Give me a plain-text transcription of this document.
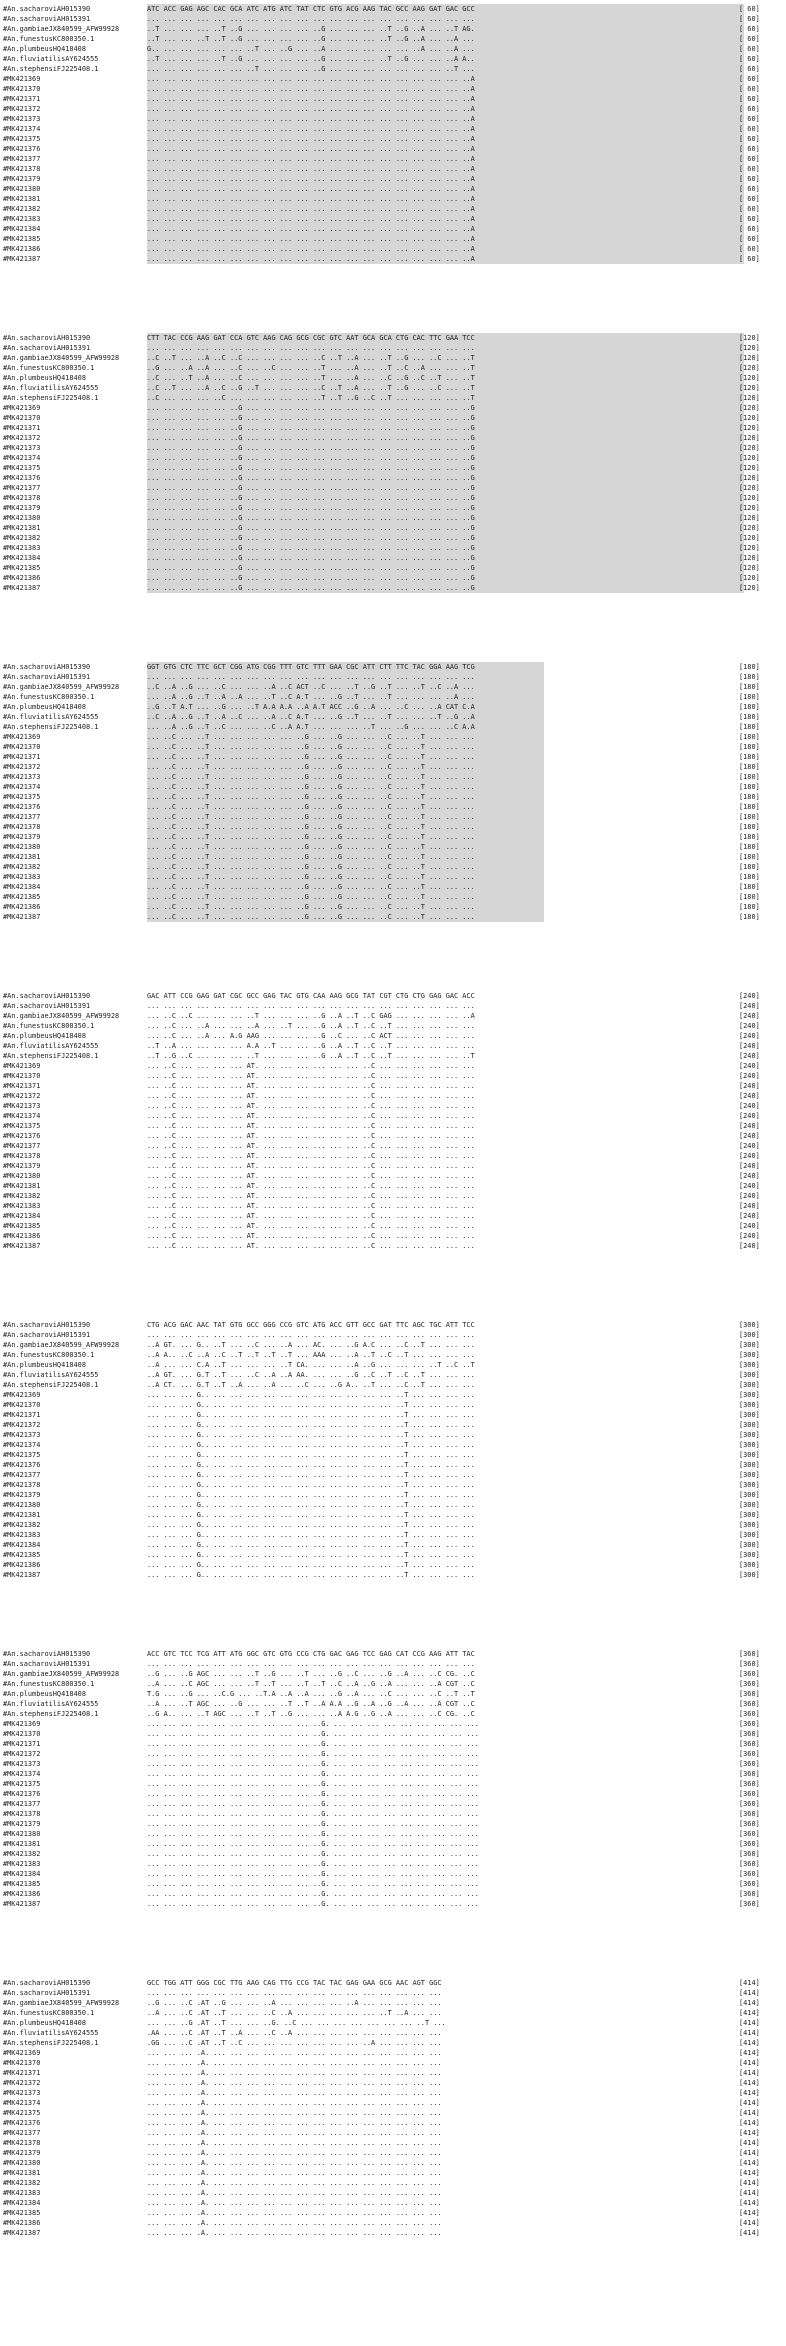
#An.sacharoviAH015390	ATC ACC GAG AGC CAC GCA ATC ATG ATC TAT CTC GTG ACG AAG TAC GCC AAG GAT GAC GCC	[ 60]
#An.sacharoviAH015391	... ... ... ... ... ... ... ... ... ... ... ... ... ... ... ... ... ... ... ...	[ 60]
#An.gambiaeJX840599_AFW99928	..T ... ... ... ..T ..G ... ... ... ... ..G ... ... ... ..T ..G ..A ... ..T AG.	[ 60]
#An.funestusKC800350.1	..T ... ... ..T ..T ..G ... ... ... ... ..G ... ... ... ..T ..G ..A ... ..A ...	[ 60]
#An.plumbeusHQ418408	G.. ... ... ... ... ... ..T ... ..G ... ..A ... ... ... ... ... ..A ... ..A ...	[ 60]
#An.fluviatilisAY624555	..T ... ... ... ..T ..G ... ... ... ... ..G ... ... ... ..T ..G ... ... ..A A..	[ 60]
#An.stephensiFJ225408.1	... ... ... ... ... ... ..T ... ... ... ..G ... ... ... ... ... ... ... ..T ...	[ 60]
#MK421369	... ... ... ... ... ... ... ... ... ... ... ... ... ... ... ... ... ... ... ..A	[ 60]
#MK421370	... ... ... ... ... ... ... ... ... ... ... ... ... ... ... ... ... ... ... ..A	[ 60]
#MK421371	... ... ... ... ... ... ... ... ... ... ... ... ... ... ... ... ... ... ... ..A	[ 60]
#MK421372	... ... ... ... ... ... ... ... ... ... ... ... ... ... ... ... ... ... ... ..A	[ 60]
#MK421373	... ... ... ... ... ... ... ... ... ... ... ... ... ... ... ... ... ... ... ..A	[ 60]
#MK421374	... ... ... ... ... ... ... ... ... ... ... ... ... ... ... ... ... ... ... ..A	[ 60]
#MK421375	... ... ... ... ... ... ... ... ... ... ... ... ... ... ... ... ... ... ... ..A	[ 60]
#MK421376	... ... ... ... ... ... ... ... ... ... ... ... ... ... ... ... ... ... ... ..A	[ 60]
#MK421377	... ... ... ... ... ... ... ... ... ... ... ... ... ... ... ... ... ... ... ..A	[ 60]
#MK421378	... ... ... ... ... ... ... ... ... ... ... ... ... ... ... ... ... ... ... ..A	[ 60]
#MK421379	... ... ... ... ... ... ... ... ... ... ... ... ... ... ... ... ... ... ... ..A	[ 60]
#MK421380	... ... ... ... ... ... ... ... ... ... ... ... ... ... ... ... ... ... ... ..A	[ 60]
#MK421381	... ... ... ... ... ... ... ... ... ... ... ... ... ... ... ... ... ... ... ..A	[ 60]
#MK421382	... ... ... ... ... ... ... ... ... ... ... ... ... ... ... ... ... ... ... ..A	[ 60]
#MK421383	... ... ... ... ... ... ... ... ... ... ... ... ... ... ... ... ... ... ... ..A	[ 60]
#MK421384	... ... ... ... ... ... ... ... ... ... ... ... ... ... ... ... ... ... ... ..A	[ 60]
#MK421385	... ... ... ... ... ... ... ... ... ... ... ... ... ... ... ... ... ... ... ..A	[ 60]
#MK421386	... ... ... ... ... ... ... ... ... ... ... ... ... ... ... ... ... ... ... ..A	[ 60]
#MK421387	... ... ... ... ... ... ... ... ... ... ... ... ... ... ... ... ... ... ... ..A	[ 60]
#An.sacharoviAH015390	CTT TAC CCG AAG GAT CCA GTC AAG CAG GCG CGC GTC AAT GCA GCA CTG CAC TTC GAA TCC	[120]
#An.sacharoviAH015391	... ... ... ... ... ... ... ... ... ... ... ... ... ... ... ... ... ... ... ...	[120]
#An.gambiaeJX840599_AFW99928	..C ..T ... ..A ..C ..C ... ... ... ... ..C ..T ..A ... ..T ..G ... ..C ... ..T	[120]
#An.funestusKC800350.1	..G ... ..A ..A ... ..C ... ..C ... ... ..T ... ..A ... ..T ..C ..A ... ... ..T	[120]
#An.plumbeusHQ418408	..C ... ..T ..A ... ..C ... ... ... ... ..T ... ..A ... ..C ..G ..C ..T ... ..T	[120]
#An.fluviatilisAY624555	..C ..T ... ..A ..C ..G ..T ... ... ... ..C ..T ..A ... ..T ..G ... ..C ... ..T	[120]
#An.stephensiFJ225408.1	..C ... ... ... ..C ... ... ... ... ... ..T ..T ..G ..C ..T ... ... ... ... ..T	[120]
#MK421369	... ... ... ... ... ..G ... ... ... ... ... ... ... ... ... ... ... ... ... ..G	[120]
#MK421370	... ... ... ... ... ..G ... ... ... ... ... ... ... ... ... ... ... ... ... ..G	[120]
#MK421371	... ... ... ... ... ..G ... ... ... ... ... ... ... ... ... ... ... ... ... ..G	[120]
#MK421372	... ... ... ... ... ..G ... ... ... ... ... ... ... ... ... ... ... ... ... ..G	[120]
#MK421373	... ... ... ... ... ..G ... ... ... ... ... ... ... ... ... ... ... ... ... ..G	[120]
#MK421374	... ... ... ... ... ..G ... ... ... ... ... ... ... ... ... ... ... ... ... ..G	[120]
#MK421375	... ... ... ... ... ..G ... ... ... ... ... ... ... ... ... ... ... ... ... ..G	[120]
#MK421376	... ... ... ... ... ..G ... ... ... ... ... ... ... ... ... ... ... ... ... ..G	[120]
#MK421377	... ... ... ... ... ..G ... ... ... ... ... ... ... ... ... ... ... ... ... ..G	[120]
#MK421378	... ... ... ... ... ..G ... ... ... ... ... ... ... ... ... ... ... ... ... ..G	[120]
#MK421379	... ... ... ... ... ..G ... ... ... ... ... ... ... ... ... ... ... ... ... ..G	[120]
#MK421380	... ... ... ... ... ..G ... ... ... ... ... ... ... ... ... ... ... ... ... ..G	[120]
#MK421381	... ... ... ... ... ..G ... ... ... ... ... ... ... ... ... ... ... ... ... ..G	[120]
#MK421382	... ... ... ... ... ..G ... ... ... ... ... ... ... ... ... ... ... ... ... ..G	[120]
#MK421383	... ... ... ... ... ..G ... ... ... ... ... ... ... ... ... ... ... ... ... ..G	[120]
#MK421384	... ... ... ... ... ..G ... ... ... ... ... ... ... ... ... ... ... ... ... ..G	[120]
#MK421385	... ... ... ... ... ..G ... ... ... ... ... ... ... ... ... ... ... ... ... ..G	[120]
#MK421386	... ... ... ... ... ..G ... ... ... ... ... ... ... ... ... ... ... ... ... ..G	[120]
#MK421387	... ... ... ... ... ..G ... ... ... ... ... ... ... ... ... ... ... ... ... ..G	[120]
#An.sacharoviAH015390	GGT GTG CTC TTC GCT CGG ATG CGG TTT GTC TTT GAA CGC ATT CTT TTC TAC GGA AAG TCG	[180]
#An.sacharoviAH015391	... ... ... ... ... ... ... ... ... ... ... ... ... ... ... ... ... ... ... ...	[180]
#An.gambiaeJX840599_AFW99928	..C ..A ..G ... ..C ... ... ..A ..C ACT ..C ... ..T ..G ..T ... ..T ..C ..A ...	[180]
#An.funestusKC800350.1	... ..A ..G ..T ..A ..A ... ..T ..C A.T ... ..G ..T ... ..T ... ... ... ..A ...	[180]
#An.plumbeusHQ418408	..G ..T A.T ... ..G ... ..T A.A A.A ..A A.T ACC ..G ..A ... ..C ... ..A CAT C.A	[180]
#An.fluviatilisAY624555	..C ..A ..G ..T ..A ..C ... ..A ..C A.T ... ..G ..T ... ..T ... ... ..T ..G ..A	[180]
#An.stephensiFJ225408.1	... ..A ..G ..T ..C ... ... ..C ..A A.T ... ... ... ..T ... ..G ... ... ..C A.A	[180]
#MK421369	... ..C ... ..T ... ... ... ... ... ..G ... ..G ... ... ..C ... ..T ... ... ...	[180]
#MK421370	... ..C ... ..T ... ... ... ... ... ..G ... ..G ... ... ..C ... ..T ... ... ...	[180]
#MK421371	... ..C ... ..T ... ... ... ... ... ..G ... ..G ... ... ..C ... ..T ... ... ...	[180]
#MK421372	... ..C ... ..T ... ... ... ... ... ..G ... ..G ... ... ..C ... ..T ... ... ...	[180]
#MK421373	... ..C ... ..T ... ... ... ... ... ..G ... ..G ... ... ..C ... ..T ... ... ...	[180]
#MK421374	... ..C ... ..T ... ... ... ... ... ..G ... ..G ... ... ..C ... ..T ... ... ...	[180]
#MK421375	... ..C ... ..T ... ... ... ... ... ..G ... ..G ... ... ..C ... ..T ... ... ...	[180]
#MK421376	... ..C ... ..T ... ... ... ... ... ..G ... ..G ... ... ..C ... ..T ... ... ...	[180]
#MK421377	... ..C ... ..T ... ... ... ... ... ..G ... ..G ... ... ..C ... ..T ... ... ...	[180]
#MK421378	... ..C ... ..T ... ... ... ... ... ..G ... ..G ... ... ..C ... ..T ... ... ...	[180]
#MK421379	... ..C ... ..T ... ... ... ... ... ..G ... ..G ... ... ..C ... ..T ... ... ...	[180]
#MK421380	... ..C ... ..T ... ... ... ... ... ..G ... ..G ... ... ..C ... ..T ... ... ...	[180]
#MK421381	... ..C ... ..T ... ... ... ... ... ..G ... ..G ... ... ..C ... ..T ... ... ...	[180]
#MK421382	... ..C ... ..T ... ... ... ... ... ..G ... ..G ... ... ..C ... ..T ... ... ...	[180]
#MK421383	... ..C ... ..T ... ... ... ... ... ..G ... ..G ... ... ..C ... ..T ... ... ...	[180]
#MK421384	... ..C ... ..T ... ... ... ... ... ..G ... ..G ... ... ..C ... ..T ... ... ...	[180]
#MK421385	... ..C ... ..T ... ... ... ... ... ..G ... ..G ... ... ..C ... ..T ... ... ...	[180]
#MK421386	... ..C ... ..T ... ... ... ... ... ..G ... ..G ... ... ..C ... ..T ... ... ...	[180]
#MK421387	... ..C ... ..T ... ... ... ... ... ..G ... ..G ... ... ..C ... ..T ... ... ...	[180]
#An.sacharoviAH015390	GAC ATT CCG GAG GAT CGC GCC GAG TAC GTG CAA AAG GCG TAT CGT CTG CTG GAG GAC ACC	[240]
#An.sacharoviAH015391	... ... ... ... ... ... ... ... ... ... ... ... ... ... ... ... ... ... ... ...	[240]
#An.gambiaeJX840599_AFW99928	... ..C ..C ... ... ... ..T ... ... ... ..G ..A ..T ..C GAG ... ... ... ... ..A	[240]
#An.funestusKC800350.1	... ..C ... ..A ... ... ..A ... ..T ... ..G ..A ..T ..C ..T ... ... ... ... ...	[240]
#An.plumbeusHQ418408	... ..C ... ..A ... A.G AAG ... ... ... ..G ..C ... ..C ACT ... ... ... ... ...	[240]
#An.fluviatilisAY624555	..T ..A ... ... ... ... A.A ..T ... ... ..G ..A ..T ..C ..T ... ... ... ... ...	[240]
#An.stephensiFJ225408.1	..T ..G ..C ... ... ... ..T ... ... ... ..G ..A ..T ..C ..T ... ... ... ... ..T	[240]
#MK421369	... ..C ... ... ... ... AT. ... ... ... ... ... ... ..C ... ... ... ... ... ...	[240]
#MK421370	... ..C ... ... ... ... AT. ... ... ... ... ... ... ..C ... ... ... ... ... ...	[240]
#MK421371	... ..C ... ... ... ... AT. ... ... ... ... ... ... ..C ... ... ... ... ... ...	[240]
#MK421372	... ..C ... ... ... ... AT. ... ... ... ... ... ... ..C ... ... ... ... ... ...	[240]
#MK421373	... ..C ... ... ... ... AT. ... ... ... ... ... ... ..C ... ... ... ... ... ...	[240]
#MK421374	... ..C ... ... ... ... AT. ... ... ... ... ... ... ..C ... ... ... ... ... ...	[240]
#MK421375	... ..C ... ... ... ... AT. ... ... ... ... ... ... ..C ... ... ... ... ... ...	[240]
#MK421376	... ..C ... ... ... ... AT. ... ... ... ... ... ... ..C ... ... ... ... ... ...	[240]
#MK421377	... ..C ... ... ... ... AT. ... ... ... ... ... ... ..C ... ... ... ... ... ...	[240]
#MK421378	... ..C ... ... ... ... AT. ... ... ... ... ... ... ..C ... ... ... ... ... ...	[240]
#MK421379	... ..C ... ... ... ... AT. ... ... ... ... ... ... ..C ... ... ... ... ... ...	[240]
#MK421380	... ..C ... ... ... ... AT. ... ... ... ... ... ... ..C ... ... ... ... ... ...	[240]
#MK421381	... ..C ... ... ... ... AT. ... ... ... ... ... ... ..C ... ... ... ... ... ...	[240]
#MK421382	... ..C ... ... ... ... AT. ... ... ... ... ... ... ..C ... ... ... ... ... ...	[240]
#MK421383	... ..C ... ... ... ... AT. ... ... ... ... ... ... ..C ... ... ... ... ... ...	[240]
#MK421384	... ..C ... ... ... ... AT. ... ... ... ... ... ... ..C ... ... ... ... ... ...	[240]
#MK421385	... ..C ... ... ... ... AT. ... ... ... ... ... ... ..C ... ... ... ... ... ...	[240]
#MK421386	... ..C ... ... ... ... AT. ... ... ... ... ... ... ..C ... ... ... ... ... ...	[240]
#MK421387	... ..C ... ... ... ... AT. ... ... ... ... ... ... ..C ... ... ... ... ... ...	[240]
#An.sacharoviAH015390	CTG ACG GAC AAC TAT GTG GCC GGG CCG GTC ATG ACC GTT GCC GAT TTC AGC TGC ATT TCC	[300]
#An.sacharoviAH015391	... ... ... ... ... ... ... ... ... ... ... ... ... ... ... ... ... ... ... ...	[300]
#An.gambiaeJX840599_AFW99928	..A GT. ... G.. ..T ... ..C ... ..A ... AC. ... ..G A.C ... ..C ..T ... ... ...	[300]
#An.funestusKC800350.1	..A A.. ..C ..A ..C ..T ..T ..T ..T ... AAA ... ..A ..T ..C ..T ... ... ... ...	[300]
#An.plumbeusHQ418408	..A ... ... C.A ..T ... ... ... ..T CA. ... ... ..A ..G ... ... ... ..T ..C ..T	[300]
#An.fluviatilisAY624555	..A GT. ... G.T ..T ... ..C ..A ..A AA. ... ... ..G ..C ..T ..C ..T ... ... ...	[300]
#An.stephensiFJ225408.1	..A CT. ... G.T ..T ..A ... ..A ... ..C ... ..G A.. ..T ... ..C ..T ... ... ...	[300]
#MK421369	... ... ... G.. ... ... ... ... ... ... ... ... ... ... ... ..T ... ... ... ...	[300]
#MK421370	... ... ... G.. ... ... ... ... ... ... ... ... ... ... ... ..T ... ... ... ...	[300]
#MK421371	... ... ... G.. ... ... ... ... ... ... ... ... ... ... ... ..T ... ... ... ...	[300]
#MK421372	... ... ... G.. ... ... ... ... ... ... ... ... ... ... ... ..T ... ... ... ...	[300]
#MK421373	... ... ... G.. ... ... ... ... ... ... ... ... ... ... ... ..T ... ... ... ...	[300]
#MK421374	... ... ... G.. ... ... ... ... ... ... ... ... ... ... ... ..T ... ... ... ...	[300]
#MK421375	... ... ... G.. ... ... ... ... ... ... ... ... ... ... ... ..T ... ... ... ...	[300]
#MK421376	... ... ... G.. ... ... ... ... ... ... ... ... ... ... ... ..T ... ... ... ...	[300]
#MK421377	... ... ... G.. ... ... ... ... ... ... ... ... ... ... ... ..T ... ... ... ...	[300]
#MK421378	... ... ... G.. ... ... ... ... ... ... ... ... ... ... ... ..T ... ... ... ...	[300]
#MK421379	... ... ... G.. ... ... ... ... ... ... ... ... ... ... ... ..T ... ... ... ...	[300]
#MK421380	... ... ... G.. ... ... ... ... ... ... ... ... ... ... ... ..T ... ... ... ...	[300]
#MK421381	... ... ... G.. ... ... ... ... ... ... ... ... ... ... ... ..T ... ... ... ...	[300]
#MK421382	... ... ... G.. ... ... ... ... ... ... ... ... ... ... ... ..T ... ... ... ...	[300]
#MK421383	... ... ... G.. ... ... ... ... ... ... ... ... ... ... ... ..T ... ... ... ...	[300]
#MK421384	... ... ... G.. ... ... ... ... ... ... ... ... ... ... ... ..T ... ... ... ...	[300]
#MK421385	... ... ... G.. ... ... ... ... ... ... ... ... ... ... ... ..T ... ... ... ...	[300]
#MK421386	... ... ... G.. ... ... ... ... ... ... ... ... ... ... ... ..T ... ... ... ...	[300]
#MK421387	... ... ... G.. ... ... ... ... ... ... ... ... ... ... ... ..T ... ... ... ...	[300]
#An.sacharoviAH015390	ACC GTC TCC TCG ATT ATG GGC GTC GTG CCG CTG GAC GAG TCC GAG CAT CCG AAG ATT TAC	[360]
#An.sacharoviAH015391	... ... ... ... ... ... ... ... ... ... ... ... ... ... ... ... ... ... ... ...	[360]
#An.gambiaeJX840599_AFW99928	..G ... ..G AGC ... ... ..T ..G ... ..T ... ..G ..C ... ..G ..A ... ..C CG. ..C	[360]
#An.funestusKC800350.1	..A ... ..C AGC ... ... ..T ..T ... ..T ..T ..C ..A ..G ..A ... ... ..A CGT ..C	[360]
#An.plumbeusHQ418408	T.G ... ..G ... ..C.G ... ..T.A ..A ..A ... ..G ..A ... ..C ... ... ..C ..T ..T	[360]
#An.fluviatilisAY624555	..A ... ..T AGC ... ..G ... ... ..T ..T ..A A.A ..G ..A ..G ..A ... ..A CGT ..C	[360]
#An.stephensiFJ225408.1	..G A.. ... ..T AGC ... ..T ..T ..G ... ... ..A A.G ..G ..A ... ... ..C CG. ..C	[360]
#MK421369	... ... ... ... ... ... ... ... ... ... ..G. ... ... ... ... ... ... ... ... ...	[360]
#MK421370	... ... ... ... ... ... ... ... ... ... ..G. ... ... ... ... ... ... ... ... ...	[360]
#MK421371	... ... ... ... ... ... ... ... ... ... ..G. ... ... ... ... ... ... ... ... ...	[360]
#MK421372	... ... ... ... ... ... ... ... ... ... ..G. ... ... ... ... ... ... ... ... ...	[360]
#MK421373	... ... ... ... ... ... ... ... ... ... ..G. ... ... ... ... ... ... ... ... ...	[360]
#MK421374	... ... ... ... ... ... ... ... ... ... ..G. ... ... ... ... ... ... ... ... ...	[360]
#MK421375	... ... ... ... ... ... ... ... ... ... ..G. ... ... ... ... ... ... ... ... ...	[360]
#MK421376	... ... ... ... ... ... ... ... ... ... ..G. ... ... ... ... ... ... ... ... ...	[360]
#MK421377	... ... ... ... ... ... ... ... ... ... ..G. ... ... ... ... ... ... ... ... ...	[360]
#MK421378	... ... ... ... ... ... ... ... ... ... ..G. ... ... ... ... ... ... ... ... ...	[360]
#MK421379	... ... ... ... ... ... ... ... ... ... ..G. ... ... ... ... ... ... ... ... ...	[360]
#MK421380	... ... ... ... ... ... ... ... ... ... ..G. ... ... ... ... ... ... ... ... ...	[360]
#MK421381	... ... ... ... ... ... ... ... ... ... ..G. ... ... ... ... ... ... ... ... ...	[360]
#MK421382	... ... ... ... ... ... ... ... ... ... ..G. ... ... ... ... ... ... ... ... ...	[360]
#MK421383	... ... ... ... ... ... ... ... ... ... ..G. ... ... ... ... ... ... ... ... ...	[360]
#MK421384	... ... ... ... ... ... ... ... ... ... ..G. ... ... ... ... ... ... ... ... ...	[360]
#MK421385	... ... ... ... ... ... ... ... ... ... ..G. ... ... ... ... ... ... ... ... ...	[360]
#MK421386	... ... ... ... ... ... ... ... ... ... ..G. ... ... ... ... ... ... ... ... ...	[360]
#MK421387	... ... ... ... ... ... ... ... ... ... ..G. ... ... ... ... ... ... ... ... ...	[360]
#An.sacharoviAH015390	GCC TGG ATT GGG CGC TTG AAG CAG TTG CCG TAC TAC GAG GAA GCG AAC AGT GGC	[414]
#An.sacharoviAH015391	... ... ... ... ... ... ... ... ... ... ... ... ... ... ... ... ... ...	[414]
#An.gambiaeJX840599_AFW99928	..G ... ..C .AT ..G ... ... ..A ... ... ... ... ..A ... ... ... ... ...	[414]
#An.funestusKC800350.1	..A ... ..C .AT ..T ... ... ..C ..A ... ... ... ... ... ..T ..A ... ...	[414]
#An.plumbeusHQ418408	... ... ..G .AT ..T ... ... ..G. ..C ... ... ... ... ... ... ... ..T ...	[414]
#An.fluviatilisAY624555	.AA ... ..C .AT ..T ..A ... ..C ..A ... ... ... ... ... ... ... ... ...	[414]
#An.stephensiFJ225408.1	.GG ... ..C .AT ..T ..C ... ... ... ... ... ... ... ..A ... ... ... ...	[414]
#MK421369	... ... ... .A. ... ... ... ... ... ... ... ... ... ... ... ... ... ...	[414]
#MK421370	... ... ... .A. ... ... ... ... ... ... ... ... ... ... ... ... ... ...	[414]
#MK421371	... ... ... .A. ... ... ... ... ... ... ... ... ... ... ... ... ... ...	[414]
#MK421372	... ... ... .A. ... ... ... ... ... ... ... ... ... ... ... ... ... ...	[414]
#MK421373	... ... ... .A. ... ... ... ... ... ... ... ... ... ... ... ... ... ...	[414]
#MK421374	... ... ... .A. ... ... ... ... ... ... ... ... ... ... ... ... ... ...	[414]
#MK421375	... ... ... .A. ... ... ... ... ... ... ... ... ... ... ... ... ... ...	[414]
#MK421376	... ... ... .A. ... ... ... ... ... ... ... ... ... ... ... ... ... ...	[414]
#MK421377	... ... ... .A. ... ... ... ... ... ... ... ... ... ... ... ... ... ...	[414]
#MK421378	... ... ... .A. ... ... ... ... ... ... ... ... ... ... ... ... ... ...	[414]
#MK421379	... ... ... .A. ... ... ... ... ... ... ... ... ... ... ... ... ... ...	[414]
#MK421380	... ... ... .A. ... ... ... ... ... ... ... ... ... ... ... ... ... ...	[414]
#MK421381	... ... ... .A. ... ... ... ... ... ... ... ... ... ... ... ... ... ...	[414]
#MK421382	... ... ... .A. ... ... ... ... ... ... ... ... ... ... ... ... ... ...	[414]
#MK421383	... ... ... .A. ... ... ... ... ... ... ... ... ... ... ... ... ... ...	[414]
#MK421384	... ... ... .A. ... ... ... ... ... ... ... ... ... ... ... ... ... ...	[414]
#MK421385	... ... ... .A. ... ... ... ... ... ... ... ... ... ... ... ... ... ...	[414]
#MK421386	... ... ... .A. ... ... ... ... ... ... ... ... ... ... ... ... ... ...	[414]
#MK421387	... ... ... .A. ... ... ... ... ... ... ... ... ... ... ... ... ... ...	[414]
